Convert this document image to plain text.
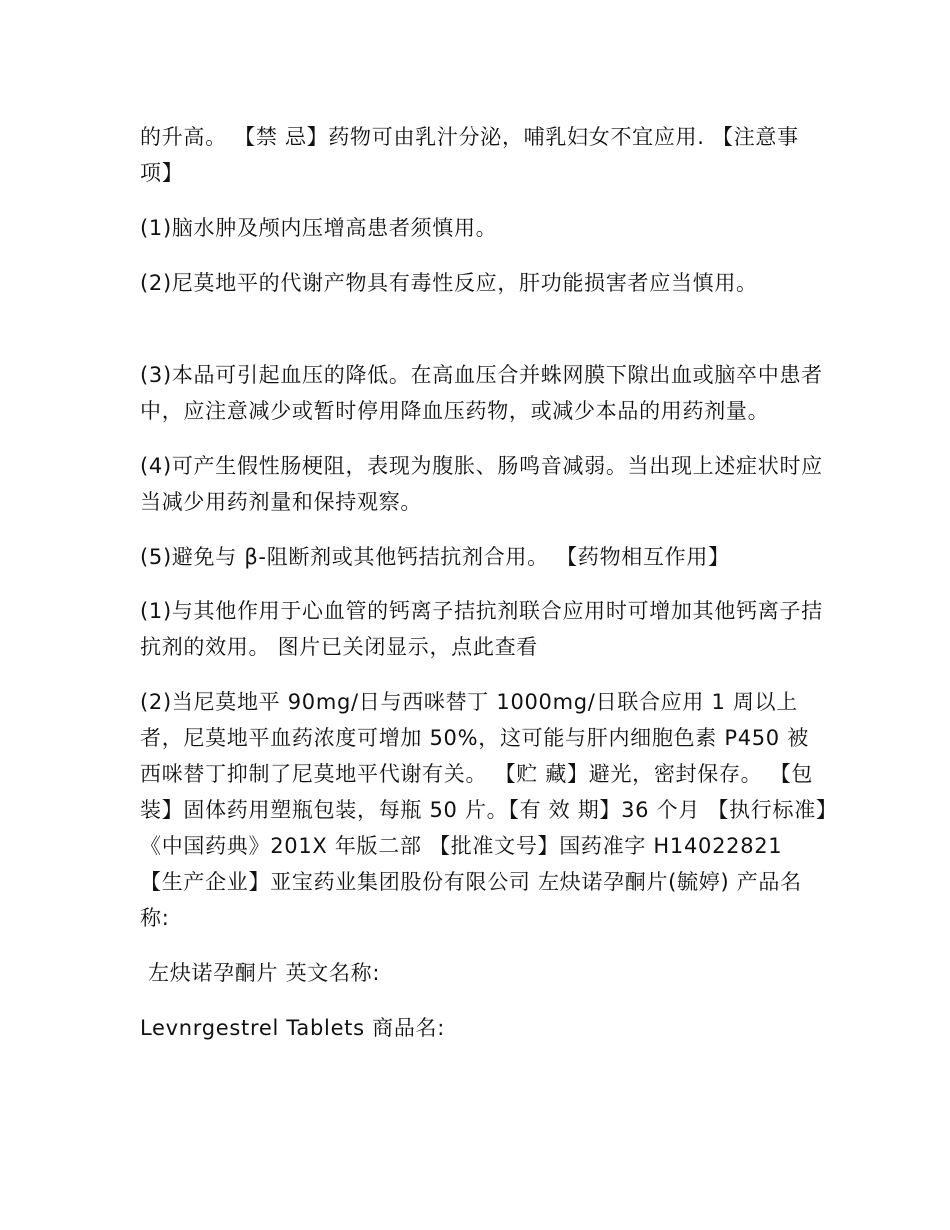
的升高。 【禁 忌】药物可由乳汁分泌，哺乳妇女不宜应用. 【注意事项】

(1)脑水肿及颅内压增高患者须慎用。

(2)尼莫地平的代谢产物具有毒性反应，肝功能损害者应当慎用。

(3)本品可引起血压的降低。在高血压合并蛛网膜下隙出血或脑卒中患者中，应注意减少或暂时停用降血压药物，或减少本品的用药剂量。

(4)可产生假性肠梗阻，表现为腹胀、肠鸣音减弱。当出现上述症状时应当减少用药剂量和保持观察。

(5)避免与 β-阻断剂或其他钙拮抗剂合用。 【药物相互作用】

(1)与其他作用于心血管的钙离子拮抗剂联合应用时可增加其他钙离子拮抗剂的效用。 图片已关闭显示，点此查看

(2)当尼莫地平 90mg/日与西咪替丁 1000mg/日联合应用 1 周以上者，尼莫地平血药浓度可增加 50%，这可能与肝内细胞色素 P450 被西咪替丁抑制了尼莫地平代谢有关。 【贮 藏】避光，密封保存。 【包 装】固体药用塑瓶包装，每瓶 50 片。【有 效 期】36 个月 【执行标准】《中国药典》201X 年版二部 【批准文号】国药准字 H14022821 【生产企业】亚宝药业集团股份有限公司 左炔诺孕酮片(毓婷) 产品名称:

左炔诺孕酮片 英文名称:

Levnrgestrel Tablets 商品名:
